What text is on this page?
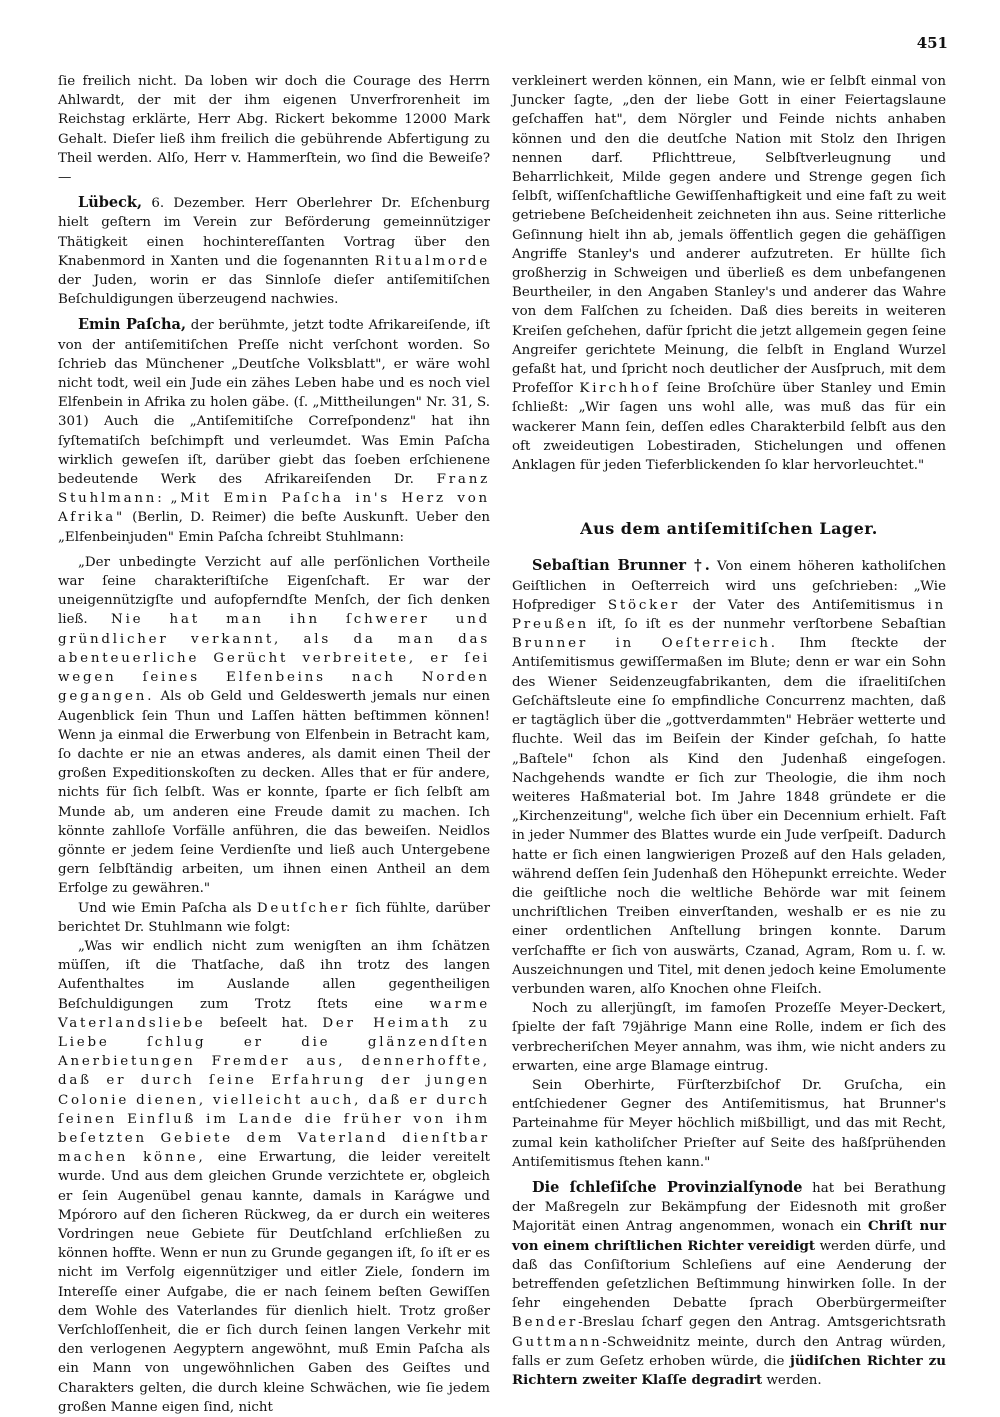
451

ſie freilich nicht. Da loben wir doch die Courage des Herrn Ahlwardt, der mit der ihm eigenen Unverfrorenheit im Reichstag erklärte, Herr Abg. Rickert bekomme 12000 Mark Gehalt. Dieſer ließ ihm freilich die gebührende Abfertigung zu Theil werden. Alſo, Herr v. Hammerſtein, wo ſind die Beweiſe? —

Lübeck, 6. Dezember. Herr Oberlehrer Dr. Eſchenburg hielt geſtern im Verein zur Beförderung gemeinnütziger Thätigkeit einen hochintereſſanten Vortrag über den Knabenmord in Xanten und die ſogenannten Ritualmorde der Juden, worin er das Sinnloſe dieſer antiſemitiſchen Beſchuldigungen überzeugend nachwies.

Emin Paſcha, der berühmte, jetzt todte Afrikareiſende, iſt von der antiſemitiſchen Preſſe nicht verſchont worden. So ſchrieb das Münchener „Deutſche Volksblatt", er wäre wohl nicht todt, weil ein Jude ein zähes Leben habe und es noch viel Elfenbein in Afrika zu holen gäbe. (ſ. „Mittheilungen" Nr. 31, S. 301) Auch die „Antiſemitiſche Correſpondenz" hat ihn ſyſtematiſch beſchimpft und verleumdet. Was Emin Paſcha wirklich geweſen iſt, darüber giebt das ſoeben erſchienene bedeutende Werk des Afrikareiſenden Dr. Franz Stuhlmann: „Mit Emin Paſcha in's Herz von Afrika" (Berlin, D. Reimer) die beſte Auskunft. Ueber den „Elfenbeinjuden" Emin Paſcha ſchreibt Stuhlmann:

„Der unbedingte Verzicht auf alle perſönlichen Vortheile war ſeine charakteriſtiſche Eigenſchaft. Er war der uneigennützigſte und aufopferndſte Menſch, der ſich denken ließ. Nie hat man ihn ſchwerer und gründlicher verkannt, als da man das abenteuerliche Gerücht verbreitete, er ſei wegen ſeines Elfenbeins nach Norden gegangen. Als ob Geld und Geldeswerth jemals nur einen Augenblick ſein Thun und Laſſen hätten beſtimmen können! Wenn ja einmal die Erwerbung von Elfenbein in Betracht kam, ſo dachte er nie an etwas anderes, als damit einen Theil der großen Expeditionskoſten zu decken. Alles that er für andere, nichts für ſich ſelbſt. Was er konnte, ſparte er ſich ſelbſt am Munde ab, um anderen eine Freude damit zu machen. Ich könnte zahlloſe Vorfälle anführen, die das beweiſen. Neidlos gönnte er jedem ſeine Verdienſte und ließ auch Untergebene gern ſelbſtändig arbeiten, um ihnen einen Antheil an dem Erfolge zu gewähren."

Und wie Emin Paſcha als Deutſcher ſich fühlte, darüber berichtet Dr. Stuhlmann wie folgt:

„Was wir endlich nicht zum wenigſten an ihm ſchätzen müſſen, iſt die Thatſache, daß ihn trotz des langen Aufenthaltes im Auslande allen gegentheiligen Beſchuldigungen zum Trotz ſtets eine warme Vaterlandsliebe beſeelt hat. Der Heimath zu Liebe ſchlug er die glänzendſten Anerbietungen Fremder aus, dennerhoffte, daß er durch ſeine Erfahrung der jungen Colonie dienen, vielleicht auch, daß er durch ſeinen Einfluß im Lande die früher von ihm beſetzten Gebiete dem Vaterland dienſtbar machen könne, eine Erwartung, die leider vereitelt wurde. Und aus dem gleichen Grunde verzichtete er, obgleich er ſein Augenübel genau kannte, damals in Karágwe und Mpóroro auf den ſicheren Rückweg, da er durch ein weiteres Vordringen neue Gebiete für Deutſchland erſchließen zu können hoffte. Wenn er nun zu Grunde gegangen iſt, ſo iſt er es nicht im Verfolg eigennütziger und eitler Ziele, ſondern im Intereſſe einer Aufgabe, die er nach ſeinem beſten Gewiſſen dem Wohle des Vaterlandes für dienlich hielt. Trotz großer Verſchloſſenheit, die er ſich durch ſeinen langen Verkehr mit den verlogenen Aegyptern angewöhnt, muß Emin Paſcha als ein Mann von ungewöhnlichen Gaben des Geiſtes und Charakters gelten, die durch kleine Schwächen, wie ſie jedem großen Manne eigen ſind, nicht

verkleinert werden können, ein Mann, wie er ſelbſt einmal von Juncker ſagte, „den der liebe Gott in einer Feiertagslaune geſchaffen hat", dem Nörgler und Feinde nichts anhaben können und den die deutſche Nation mit Stolz den Ihrigen nennen darf. Pflichttreue, Selbſtverleugnung und Beharrlichkeit, Milde gegen andere und Strenge gegen ſich ſelbſt, wiſſenſchaftliche Gewiſſenhaftigkeit und eine faſt zu weit getriebene Beſcheidenheit zeichneten ihn aus. Seine ritterliche Geſinnung hielt ihn ab, jemals öffentlich gegen die gehäſſigen Angriffe Stanley's und anderer aufzutreten. Er hüllte ſich großherzig in Schweigen und überließ es dem unbefangenen Beurtheiler, in den Angaben Stanley's und anderer das Wahre von dem Falſchen zu ſcheiden. Daß dies bereits in weiteren Kreiſen geſchehen, dafür ſpricht die jetzt allgemein gegen ſeine Angreifer gerichtete Meinung, die ſelbſt in England Wurzel gefaßt hat, und ſpricht noch deutlicher der Ausſpruch, mit dem Profeſſor Kirchhof ſeine Broſchüre über Stanley und Emin ſchließt: „Wir ſagen uns wohl alle, was muß das für ein wackerer Mann ſein, deſſen edles Charakterbild ſelbſt aus den oft zweideutigen Lobestiraden, Stichelungen und offenen Anklagen für jeden Tieferblickenden ſo klar hervorleuchtet."

Aus dem antiſemitiſchen Lager.

Sebaſtian Brunner †. Von einem höheren katholiſchen Geiſtlichen in Oeſterreich wird uns geſchrieben: „Wie Hofprediger Stöcker der Vater des Antiſemitismus in Preußen iſt, ſo iſt es der nunmehr verſtorbene Sebaſtian Brunner in Oeſterreich. Ihm ſteckte der Antiſemitismus gewiſſermaßen im Blute; denn er war ein Sohn des Wiener Seidenzeugfabrikanten, dem die iſraelitiſchen Geſchäftsleute eine ſo empfindliche Concurrenz machten, daß er tagtäglich über die „gottverdammten" Hebräer wetterte und fluchte. Weil das im Beiſein der Kinder geſchah, ſo hatte „Baſtele" ſchon als Kind den Judenhaß eingeſogen. Nachgehends wandte er ſich zur Theologie, die ihm noch weiteres Haßmaterial bot. Im Jahre 1848 gründete er die „Kirchenzeitung", welche ſich über ein Decennium erhielt. Faſt in jeder Nummer des Blattes wurde ein Jude verſpeiſt. Dadurch hatte er ſich einen langwierigen Prozeß auf den Hals geladen, während deſſen ſein Judenhaß den Höhepunkt erreichte. Weder die geiſtliche noch die weltliche Behörde war mit ſeinem unchriſtlichen Treiben einverſtanden, weshalb er es nie zu einer ordentlichen Anſtellung bringen konnte. Darum verſchaffte er ſich von auswärts, Czanad, Agram, Rom u. ſ. w. Auszeichnungen und Titel, mit denen jedoch keine Emolumente verbunden waren, alſo Knochen ohne Fleiſch.

Noch zu allerjüngſt, im famoſen Prozeſſe Meyer-Deckert, ſpielte der faſt 79jährige Mann eine Rolle, indem er ſich des verbrecheriſchen Meyer annahm, was ihm, wie nicht anders zu erwarten, eine arge Blamage eintrug.

Sein Oberhirte, Fürſterzbiſchof Dr. Gruſcha, ein entſchiedener Gegner des Antiſemitismus, hat Brunner's Parteinahme für Meyer höchlich mißbilligt, und das mit Recht, zumal kein katholiſcher Prieſter auf Seite des haßſprühenden Antiſemitismus ſtehen kann."

Die ſchleſiſche Provinzialſynode hat bei Berathung der Maßregeln zur Bekämpfung der Eidesnoth mit großer Majorität einen Antrag angenommen, wonach ein Chriſt nur von einem chriſtlichen Richter vereidigt werden dürfe, und daß das Conſiſtorium Schleſiens auf eine Aenderung der betreffenden geſetzlichen Beſtimmung hinwirken ſolle. In der ſehr eingehenden Debatte ſprach Oberbürgermeiſter Bender-Breslau ſcharf gegen den Antrag. Amtsgerichtsrath Guttmann-Schweidnitz meinte, durch den Antrag würden, falls er zum Geſetz erhoben würde, die jüdiſchen Richter zu Richtern zweiter Klaſſe degradirt werden.
